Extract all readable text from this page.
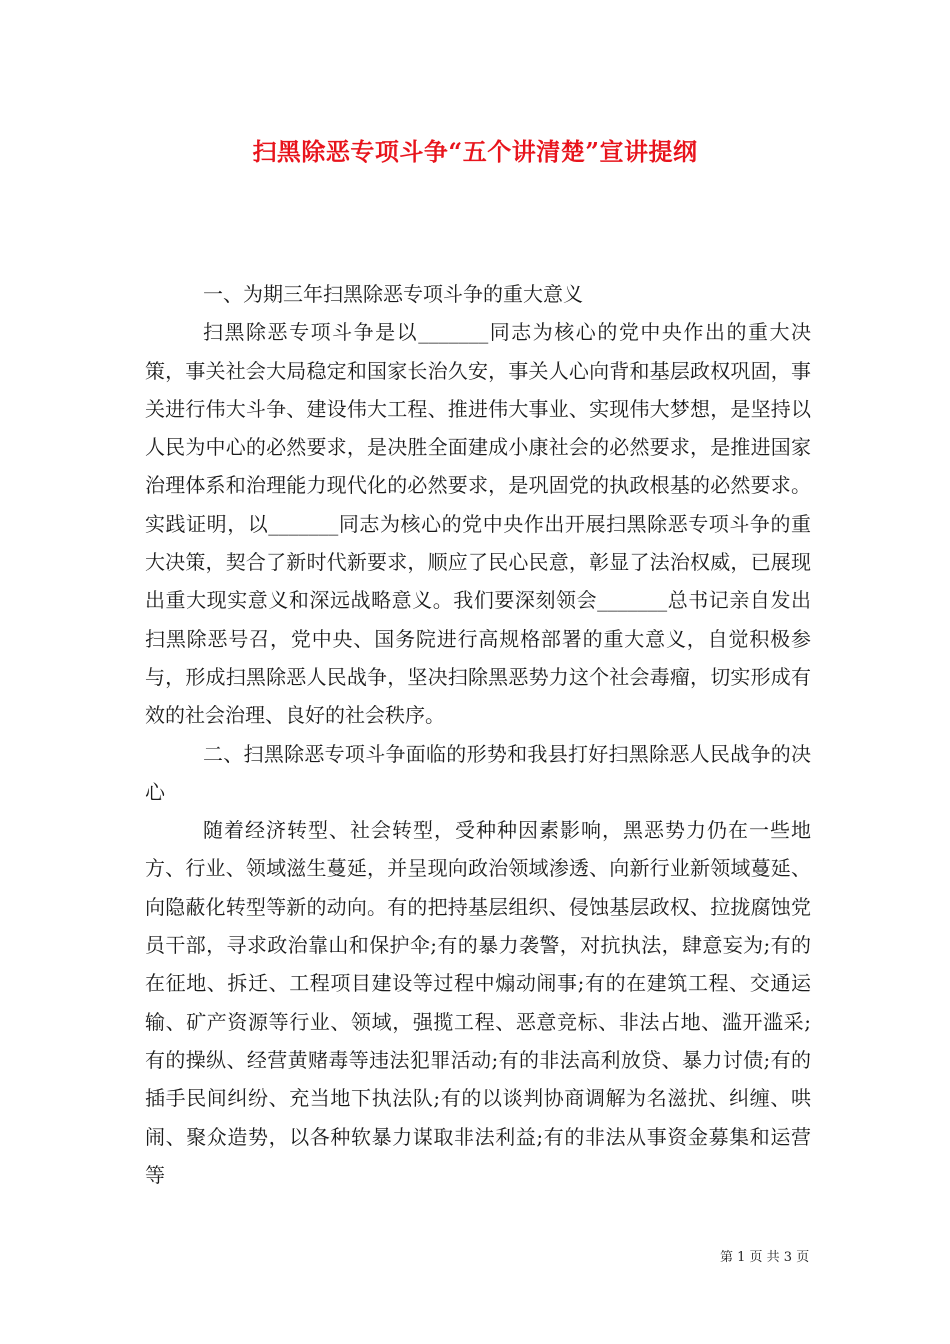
扫黑除恶专项斗争“五个讲清楚”宣讲提纲

一、为期三年扫黑除恶专项斗争的重大意义

扫黑除恶专项斗争是以_______同志为核心的党中央作出的重大决策，事关社会大局稳定和国家长治久安，事关人心向背和基层政权巩固，事关进行伟大斗争、建设伟大工程、推进伟大事业、实现伟大梦想，是坚持以人民为中心的必然要求，是决胜全面建成小康社会的必然要求，是推进国家治理体系和治理能力现代化的必然要求，是巩固党的执政根基的必然要求。实践证明，以_______同志为核心的党中央作出开展扫黑除恶专项斗争的重大决策，契合了新时代新要求，顺应了民心民意，彰显了法治权威，已展现出重大现实意义和深远战略意义。我们要深刻领会_______总书记亲自发出扫黑除恶号召，党中央、国务院进行高规格部署的重大意义，自觉积极参与，形成扫黑除恶人民战争，坚决扫除黑恶势力这个社会毒瘤，切实形成有效的社会治理、良好的社会秩序。

二、扫黑除恶专项斗争面临的形势和我县打好扫黑除恶人民战争的决心

随着经济转型、社会转型，受种种因素影响，黑恶势力仍在一些地方、行业、领域滋生蔓延，并呈现向政治领域渗透、向新行业新领域蔓延、向隐蔽化转型等新的动向。有的把持基层组织、侵蚀基层政权、拉拢腐蚀党员干部，寻求政治靠山和保护伞;有的暴力袭警，对抗执法，肆意妄为;有的在征地、拆迁、工程项目建设等过程中煽动闹事;有的在建筑工程、交通运输、矿产资源等行业、领域，强揽工程、恶意竞标、非法占地、滥开滥采;有的操纵、经营黄赌毒等违法犯罪活动;有的非法高利放贷、暴力讨债;有的插手民间纠纷、充当地下执法队;有的以谈判协商调解为名滋扰、纠缠、哄闹、聚众造势，以各种软暴力谋取非法利益;有的非法从事资金募集和运营等

第 1 页 共 3 页
